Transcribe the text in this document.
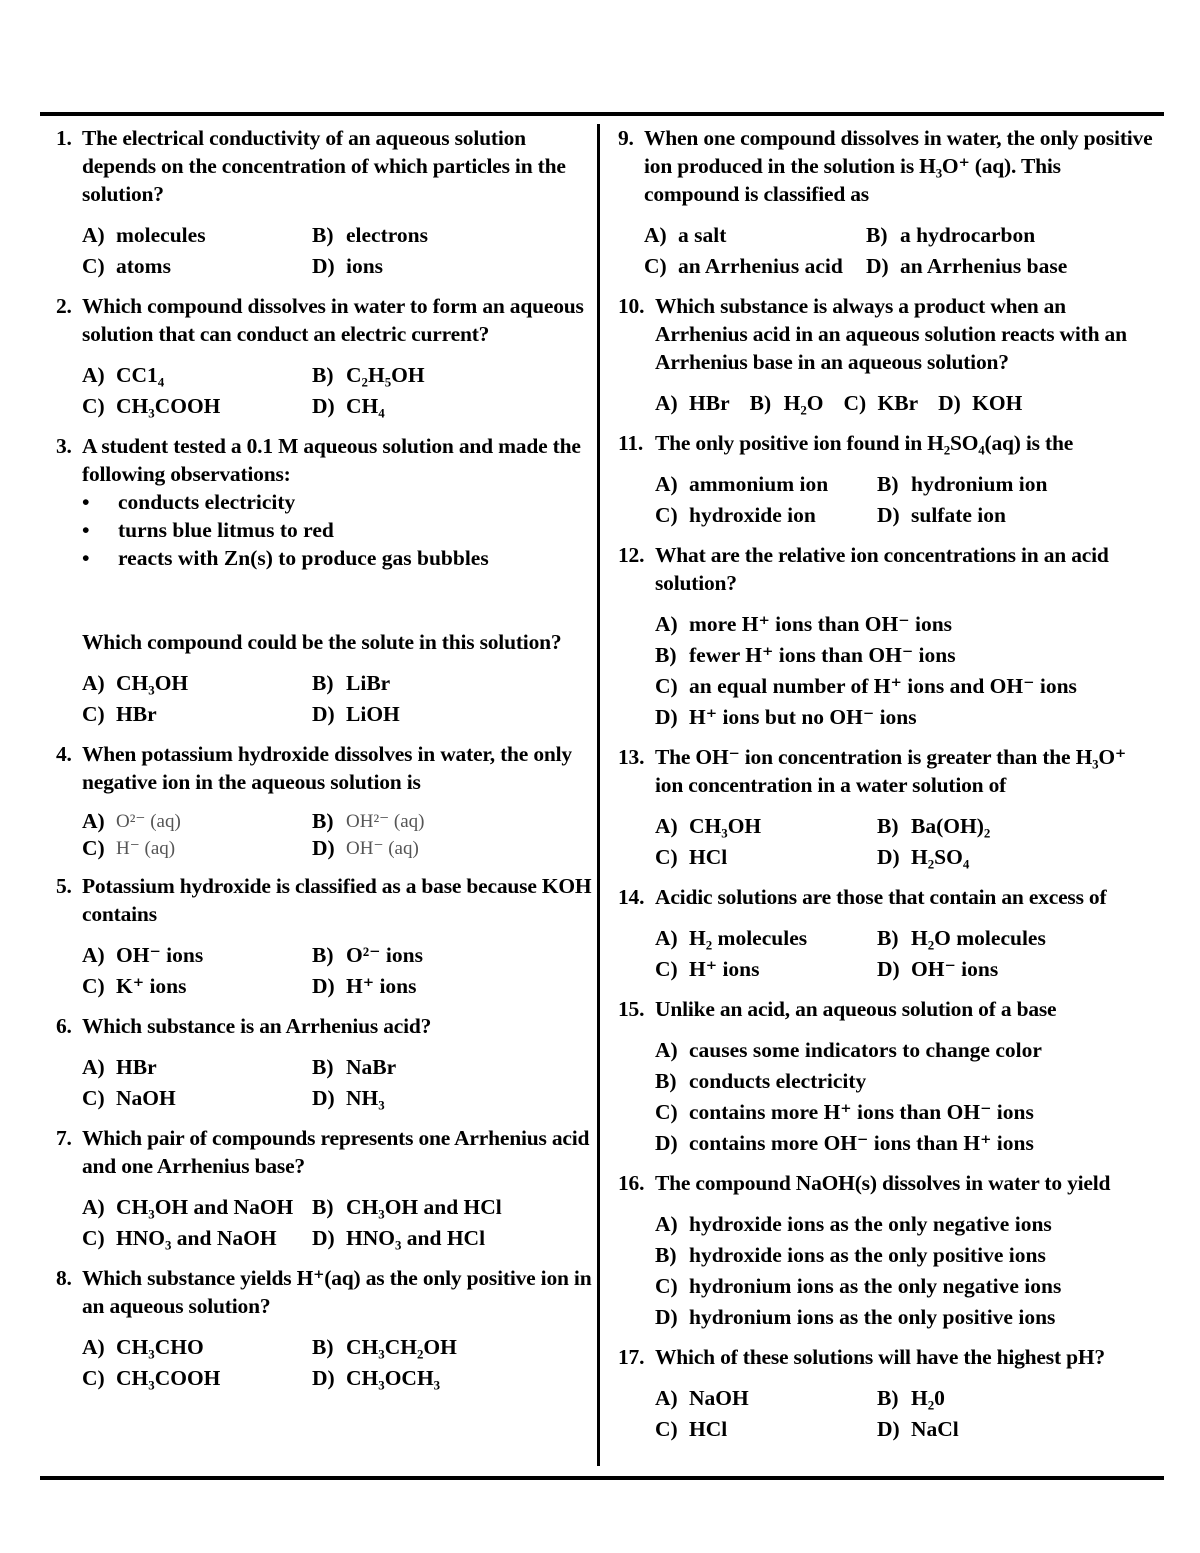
1. The electrical conductivity of an aqueous solution depends on the concentration of which particles in the solution?
A) molecules	B) electrons
C) atoms	D) ions
2. Which compound dissolves in water to form an aqueous solution that can conduct an electric current?
A) CC1₄	B) C₂H₅OH
C) CH₃COOH	D) CH₄
3. A student tested a 0.1 M aqueous solution and made the following observations:
•	conducts electricity
•	turns blue litmus to red
•	reacts with Zn(s) to produce gas bubbles
Which compound could be the solute in this solution?
A) CH₃OH	B) LiBr
C) HBr	D) LiOH
4. When potassium hydroxide dissolves in water, the only negative ion in the aqueous solution is
A) O²⁻ (aq)	B) OH²⁻ (aq)
C) H⁻ (aq)	D) OH⁻ (aq)
5. Potassium hydroxide is classified as a base because KOH contains
A) OH⁻ ions	B) O²⁻ ions
C) K⁺ ions	D) H⁺ ions
6. Which substance is an Arrhenius acid?
A) HBr	B) NaBr
C) NaOH	D) NH₃
7. Which pair of compounds represents one Arrhenius acid and one Arrhenius base?
A) CH₃OH and NaOH B) CH₃OH and HCl
C) HNO₃ and NaOH D) HNO₃ and HCl
8. Which substance yields H⁺(aq) as the only positive ion in an aqueous solution?
A) CH₃CHO	B) CH₃CH₂OH
C) CH₃COOH	D) CH₃OCH₃
9. When one compound dissolves in water, the only positive ion produced in the solution is H₃O⁺ (aq). This compound is classified as
A) a salt	B) a hydrocarbon
C) an Arrhenius acid D) an Arrhenius base
10. Which substance is always a product when an Arrhenius acid in an aqueous solution reacts with an Arrhenius base in an aqueous solution?
A) HBr B) H₂O C) KBr D) KOH
11. The only positive ion found in H₂SO₄(aq) is the
A) ammonium ion B) hydronium ion
C) hydroxide ion	D) sulfate ion
12. What are the relative ion concentrations in an acid solution?
A) more H⁺ ions than OH⁻ ions
B) fewer H⁺ ions than OH⁻ ions
C) an equal number of H⁺ ions and OH⁻ ions
D) H⁺ ions but no OH⁻ ions
13. The OH⁻ ion concentration is greater than the H₃O⁺ ion concentration in a water solution of
A) CH₃OH	B) Ba(OH)₂
C) HCl	D) H₂SO₄
14. Acidic solutions are those that contain an excess of
A) H₂ molecules	B) H₂O molecules
C) H⁺ ions	D) OH⁻ ions
15. Unlike an acid, an aqueous solution of a base
A) causes some indicators to change color
B) conducts electricity
C) contains more H⁺ ions than OH⁻ ions
D) contains more OH⁻ ions than H⁺ ions
16. The compound NaOH(s) dissolves in water to yield
A) hydroxide ions as the only negative ions
B) hydroxide ions as the only positive ions
C) hydronium ions as the only negative ions
D) hydronium ions as the only positive ions
17. Which of these solutions will have the highest pH?
A) NaOH	B) H₂0
C) HCl	D) NaCl
